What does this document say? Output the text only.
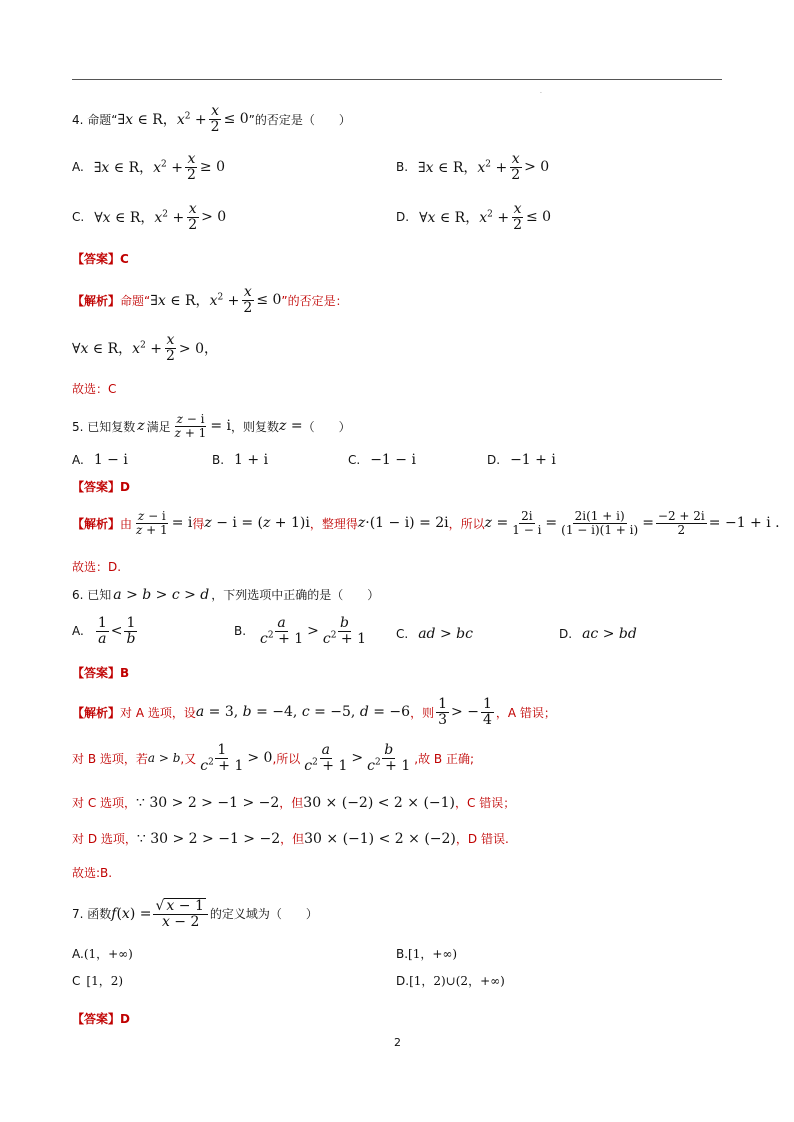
.
4. 命题“ ∃x ∈ R，$x^2 + \frac{x}{2} \le 0$ ”的否定是（　　）
A. ∃x ∈ R，$x^2 + \frac{x}{2} \ge 0$	B. ∃x ∈ R，$x^2 + \frac{x}{2} > 0$
C. ∀x ∈ R，$x^2 + \frac{x}{2} > 0$	D. ∀x ∈ R，$x^2 + \frac{x}{2} \le 0$
【答案】C
【解析】 命题“ ∃x ∈ R，$x^2 + \frac{x}{2} \le 0$ ”的否定是：
∀x ∈ R，$x^2 + \frac{x}{2} > 0$，
故选：C
5. 已知复数 z 满足 $\frac{z - i}{z + 1} = i$ ，则复数 z = （　　）
A. 1 − i	B. 1 + i	C. −1 − i	D. −1 + i
【答案】D
【解析】 由 $\frac{z - i}{z + 1} = i$ 得 z − i = (z + 1)i ，整理得 z·(1 − i) = 2i ，所以 $z = \frac{2i}{1 - i} = \frac{2i(1 + i)}{(1 - i)(1 + i)} = \frac{-2 + 2i}{2} = -1 + i$ .
故选：D.
6. 已知 a > b > c > d ，下列选项中正确的是（　　）
A. $\frac{1}{a} < \frac{1}{b}$	B. $\frac{a}{c^2 + 1} > \frac{b}{c^2 + 1} C$. ad > bc	D. ac > bd
【答案】B
【解析】 对 A 选项，设 a = 3, b = −4, c = −5, d = −6 ，则 $\frac{1}{3}$ > − $\frac{1}{4}$ ，A 错误；
对 B 选项，若 a > b ,又 $\frac{1}{c^2 + 1} > 0$ ,所以 $\frac{a}{c^2 + 1} > \frac{b}{c^2 + 1}$ ,故 B 正确;
对 C 选项， ∵ 30 > 2 > −1 > −2 ，但 30 × (−2) < 2 × (−1) ，C 错误；
对 D 选项， ∵ 30 > 2 > −1 > −2 ，但 30 × (−1) < 2 × (−2) ，D 错误.
故选:B.
7. 函数 $f(x) = \frac{√ x - 1}{x - 2}$ 的定义域为（　　）
A. (1，+∞)	B. [1，+∞)
C [1，2)	D. [1，2)∪(2，+∞)
【答案】D
2
